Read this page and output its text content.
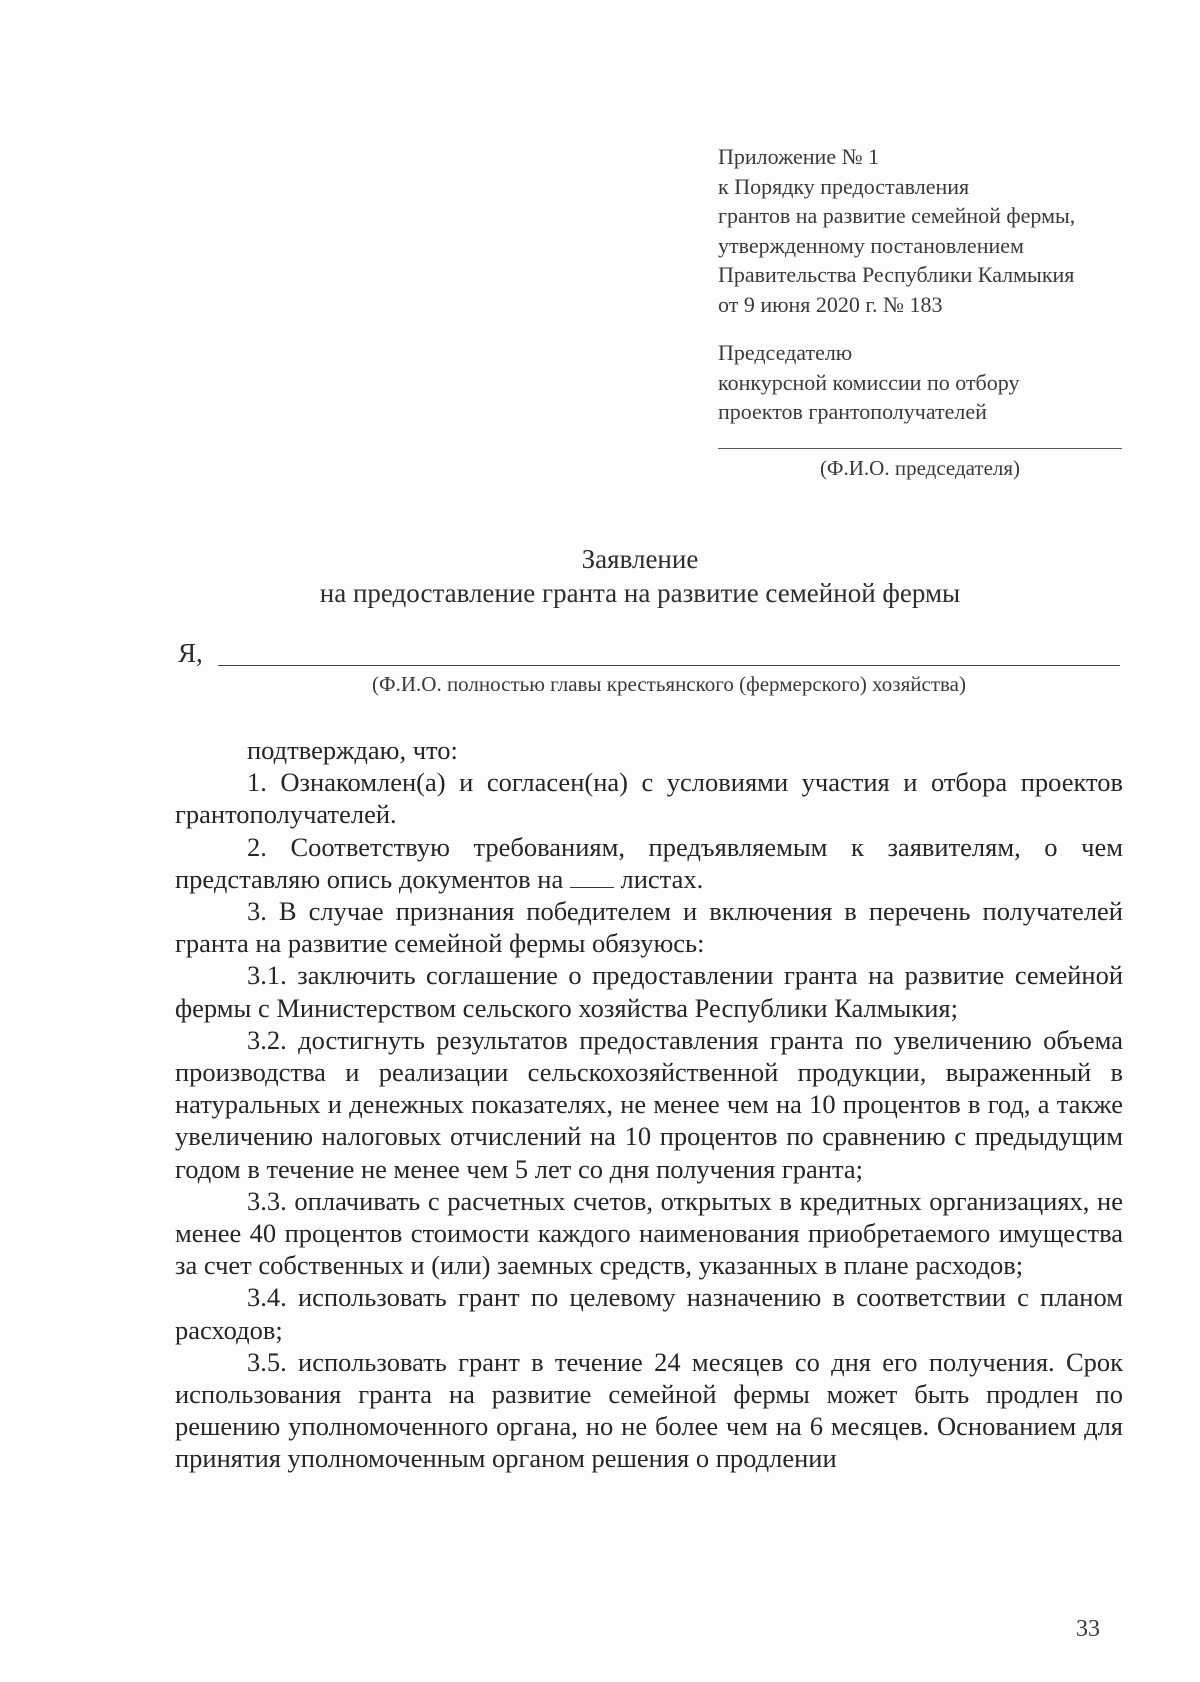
Приложение № 1
к Порядку предоставления
грантов на развитие семейной фермы,
утвержденному постановлением
Правительства Республики Калмыкия
от 9 июня 2020 г. № 183
Председателю
конкурсной комиссии по отбору
проектов грантополучателей
(Ф.И.О. председателя)
Заявление
на предоставление гранта на развитие семейной фермы
Я,
(Ф.И.О. полностью главы крестьянского (фермерского) хозяйства)

подтверждаю, что:

1. Ознакомлен(а) и согласен(на) с условиями участия и отбора проектов грантополучателей.

2. Соответствую требованиям, предъявляемым к заявителям, о чем представляю опись документов на  листах.

3. В случае признания победителем и включения в перечень получателей гранта на развитие семейной фермы обязуюсь:

3.1. заключить соглашение о предоставлении гранта на развитие семейной фермы с Министерством сельского хозяйства Республики Калмыкия;

3.2. достигнуть результатов предоставления гранта по увеличению объема производства и реализации сельскохозяйственной продукции, выраженный в натуральных и денежных показателях, не менее чем на 10 процентов в год, а также увеличению налоговых отчислений на 10 процентов по сравнению с предыдущим годом в течение не менее чем 5 лет со дня получения гранта;

3.3. оплачивать с расчетных счетов, открытых в кредитных организациях, не менее 40 процентов стоимости каждого наименования приобретаемого имущества за счет собственных и (или) заемных средств, указанных в плане расходов;

3.4. использовать грант по целевому назначению в соответствии с планом расходов;

3.5. использовать грант в течение 24 месяцев со дня его получения. Срок использования гранта на развитие семейной фермы может быть продлен по решению уполномоченного органа, но не более чем на 6 месяцев. Основанием для принятия уполномоченным органом решения о продлении

33
